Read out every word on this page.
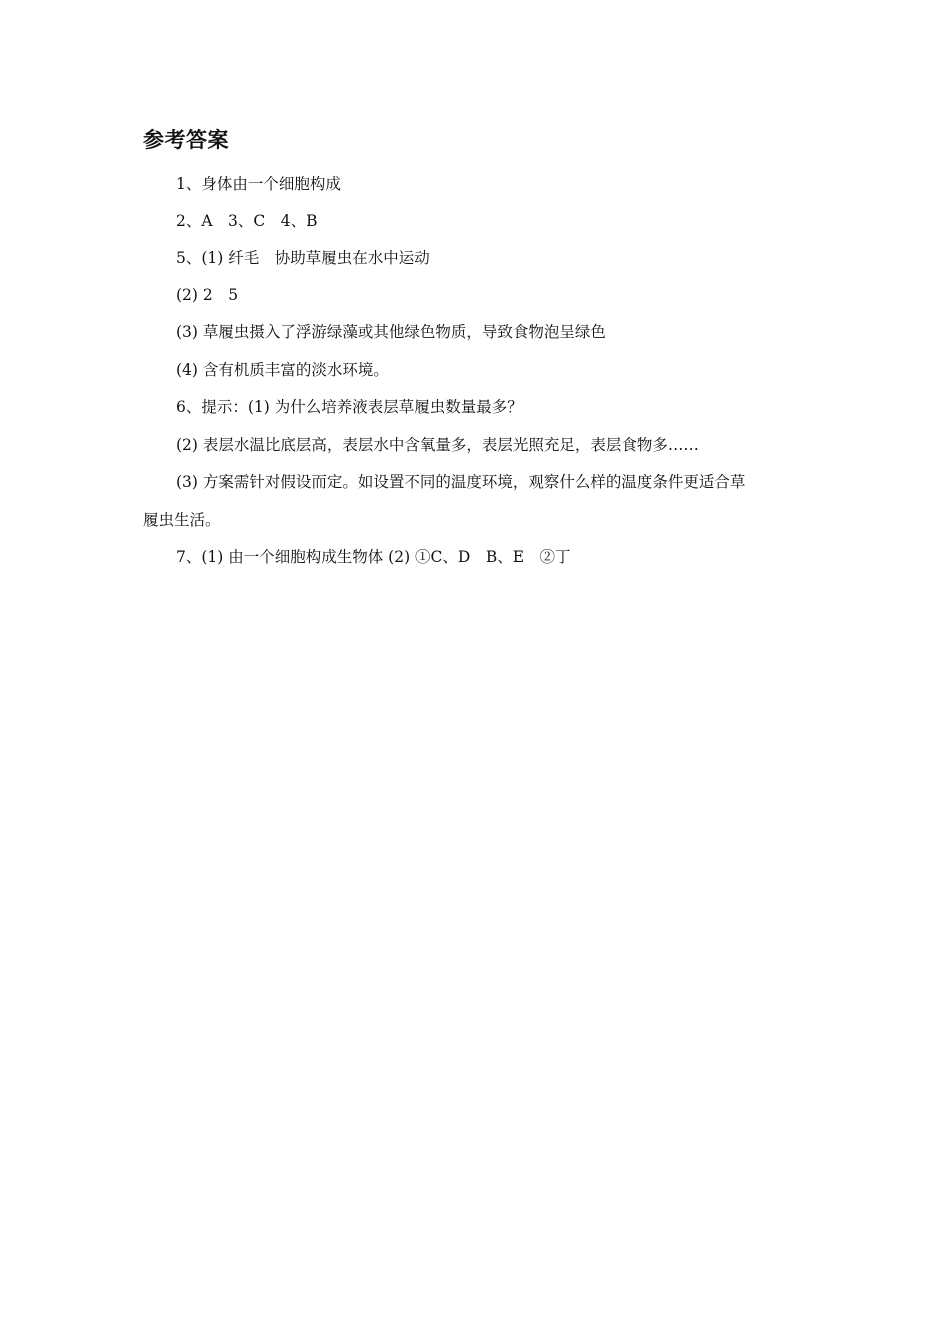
参考答案
1、身体由一个细胞构成
2、A　3、C　4、B
5、(1) 纤毛　协助草履虫在水中运动
(2) 2　5
(3) 草履虫摄入了浮游绿藻或其他绿色物质，导致食物泡呈绿色
(4) 含有机质丰富的淡水环境。
6、提示：(1) 为什么培养液表层草履虫数量最多？
(2) 表层水温比底层高，表层水中含氧量多，表层光照充足，表层食物多……
(3) 方案需针对假设而定。如设置不同的温度环境，观察什么样的温度条件更适合草
履虫生活。
7、(1) 由一个细胞构成生物体 (2) ①C、D　B、E　②丁
